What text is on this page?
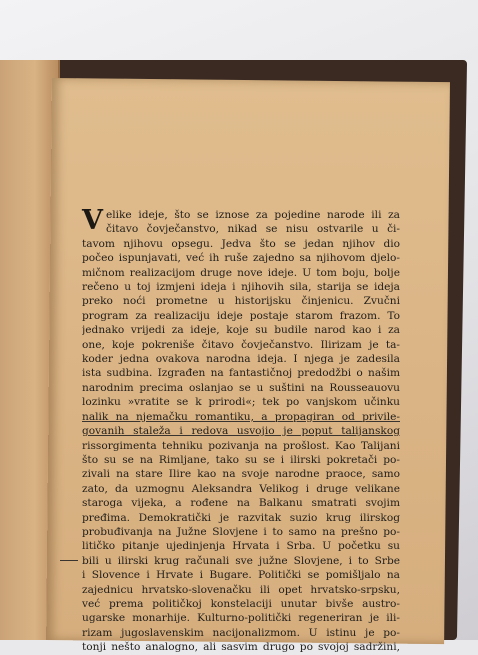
V elike ideje, što se iznose za pojedine narode ili za
čitavo čovječanstvo, nikad se nisu ostvarile u či-
tavom njihovu opsegu. Jedva što se jedan njihov dio
počeo ispunjavati, već ih ruše zajedno sa njihovom djelo-
mičnom realizacijom druge nove ideje. U tom boju, bolje
rečeno u toj izmjeni ideja i njihovih sila, starija se ideja
preko noći prometne u historijsku činjenicu. Zvučni
program za realizaciju ideje postaje starom frazom. To
jednako vrijedi za ideje, koje su budile narod kao i za
one, koje pokreniše čitavo čovječanstvo. Ilirizam je ta-
koder jedna ovakova narodna ideja. I njega je zadesila
ista sudbina. Izgrađen na fantastičnoj predodžbi o našim
narodnim precima oslanjao se u suštini na Rousseauovu
lozinku »vratite se k prirodi«; tek po vanjskom učinku
nalik na njemačku romantiku, a propagiran od privile-
govanih staleža i redova usvojio je poput talijanskog
rissorgimenta tehniku pozivanja na prošlost. Kao Talijani
što su se na Rimljane, tako su se i ilirski pokretači po-
zivali na stare Ilire kao na svoje narodne praoce, samo
zato, da uzmognu Aleksandra Velikog i druge velikane
staroga vijeka, a rođene na Balkanu smatrati svojim
pređima. Demokratički je razvitak suzio krug ilirskog
probuđivanja na Južne Slovjene i to samo na prešno po-
litičko pitanje ujedinjenja Hrvata i Srba. U početku su
bili u ilirski krug računali sve južne Slovjene, i to Srbe
i Slovence i Hrvate i Bugare. Politički se pomišljalo na
zajednicu hrvatsko-slovenačku ili opet hrvatsko-srpsku,
već prema političkoj konstelaciji unutar bivše austro-
ugarske monarhije. Kulturno-politički regeneriran je ili-
rizam jugoslavenskim nacijonalizmom. U istinu je po-
tonji nešto analogno, ali sasvim drugo po svojoj sadržini,
